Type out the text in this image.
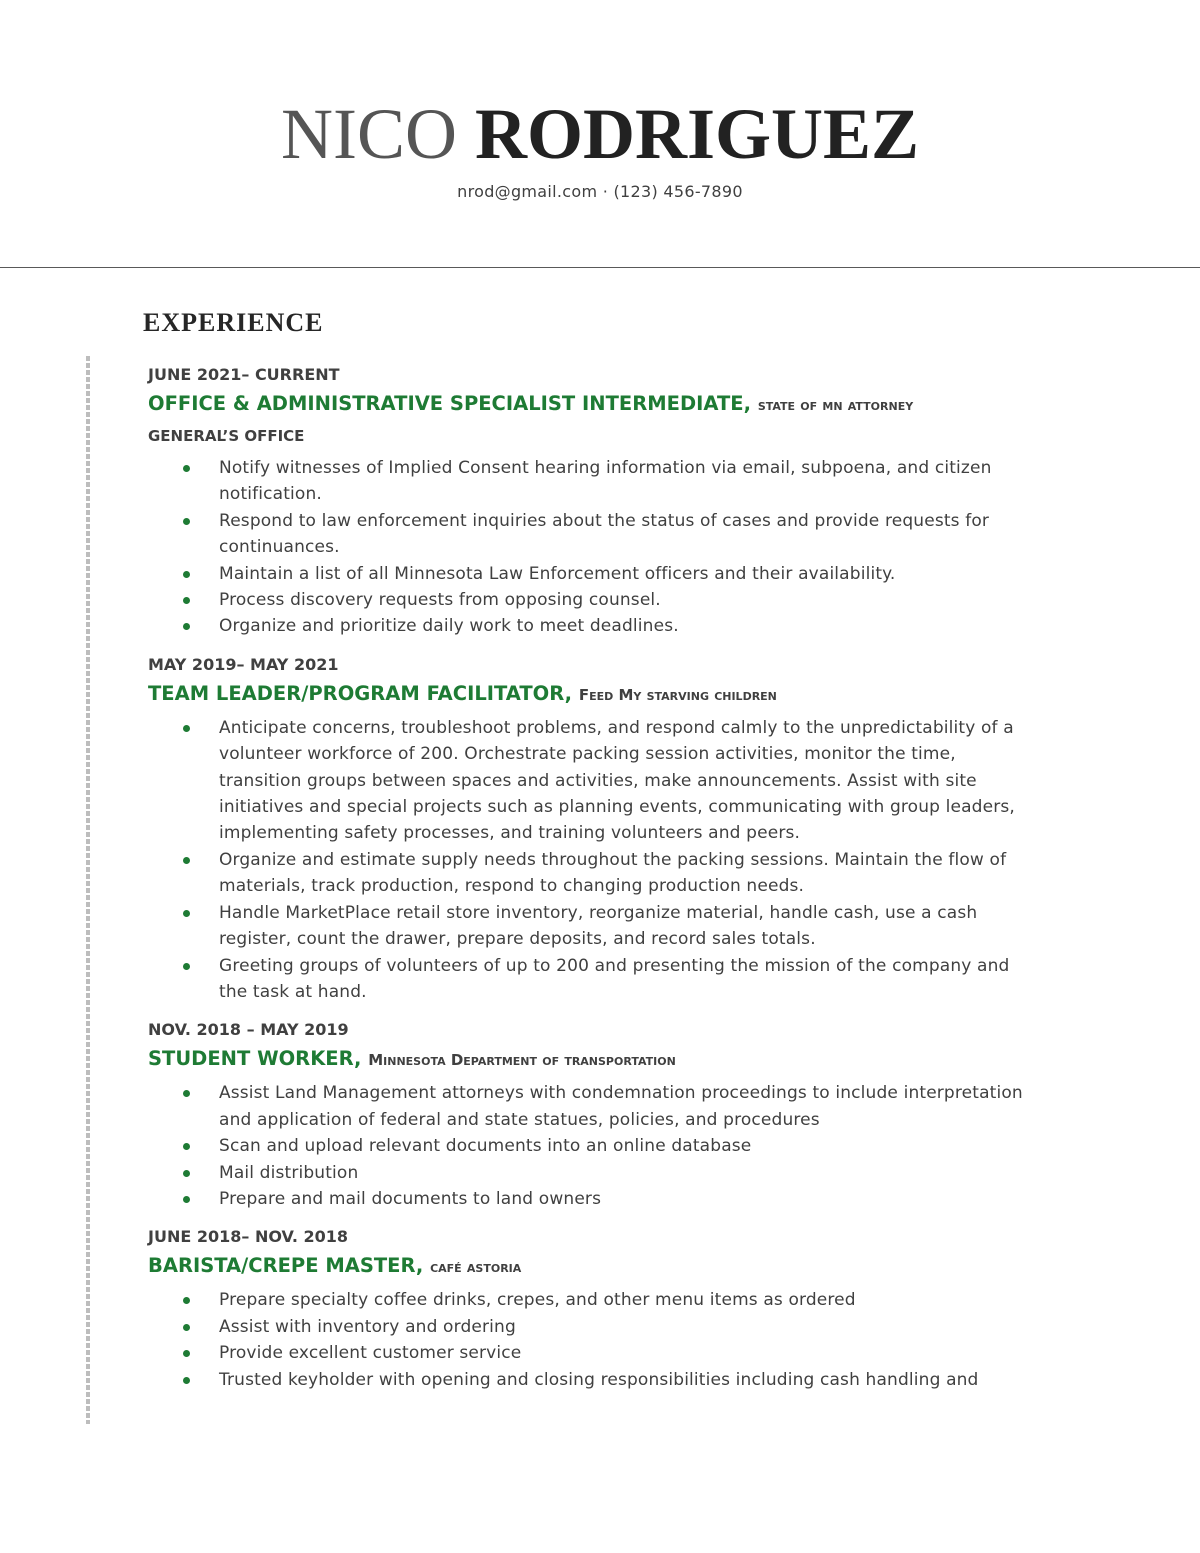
NICO RODRIGUEZ
nrod@gmail.com · (123) 456-7890
EXPERIENCE
JUNE 2021– CURRENT
OFFICE & ADMINISTRATIVE SPECIALIST INTERMEDIATE, state of mn attorney
GENERAL’S OFFICE
Notify witnesses of Implied Consent hearing information via email, subpoena, and citizen notification.
Respond to law enforcement inquiries about the status of cases and provide requests for continuances.
Maintain a list of all Minnesota Law Enforcement officers and their availability.
Process discovery requests from opposing counsel.
Organize and prioritize daily work to meet deadlines.
MAY 2019– MAY 2021
TEAM LEADER/PROGRAM FACILITATOR, Feed My starving children
Anticipate concerns, troubleshoot problems, and respond calmly to the unpredictability of a volunteer workforce of 200. Orchestrate packing session activities, monitor the time, transition groups between spaces and activities, make announcements. Assist with site initiatives and special projects such as planning events, communicating with group leaders, implementing safety processes, and training volunteers and peers.
Organize and estimate supply needs throughout the packing sessions. Maintain the flow of materials, track production, respond to changing production needs.
Handle MarketPlace retail store inventory, reorganize material, handle cash, use a cash register, count the drawer, prepare deposits, and record sales totals.
Greeting groups of volunteers of up to 200 and presenting the mission of the company and the task at hand.
NOV. 2018 – MAY 2019
STUDENT WORKER, Minnesota Department of transportation
Assist Land Management attorneys with condemnation proceedings to include interpretation and application of federal and state statues, policies, and procedures
Scan and upload relevant documents into an online database
Mail distribution
Prepare and mail documents to land owners
JUNE 2018– NOV. 2018
BARISTA/CREPE MASTER, café astoria
Prepare specialty coffee drinks, crepes, and other menu items as ordered
Assist with inventory and ordering
Provide excellent customer service
Trusted keyholder with opening and closing responsibilities including cash handling and
